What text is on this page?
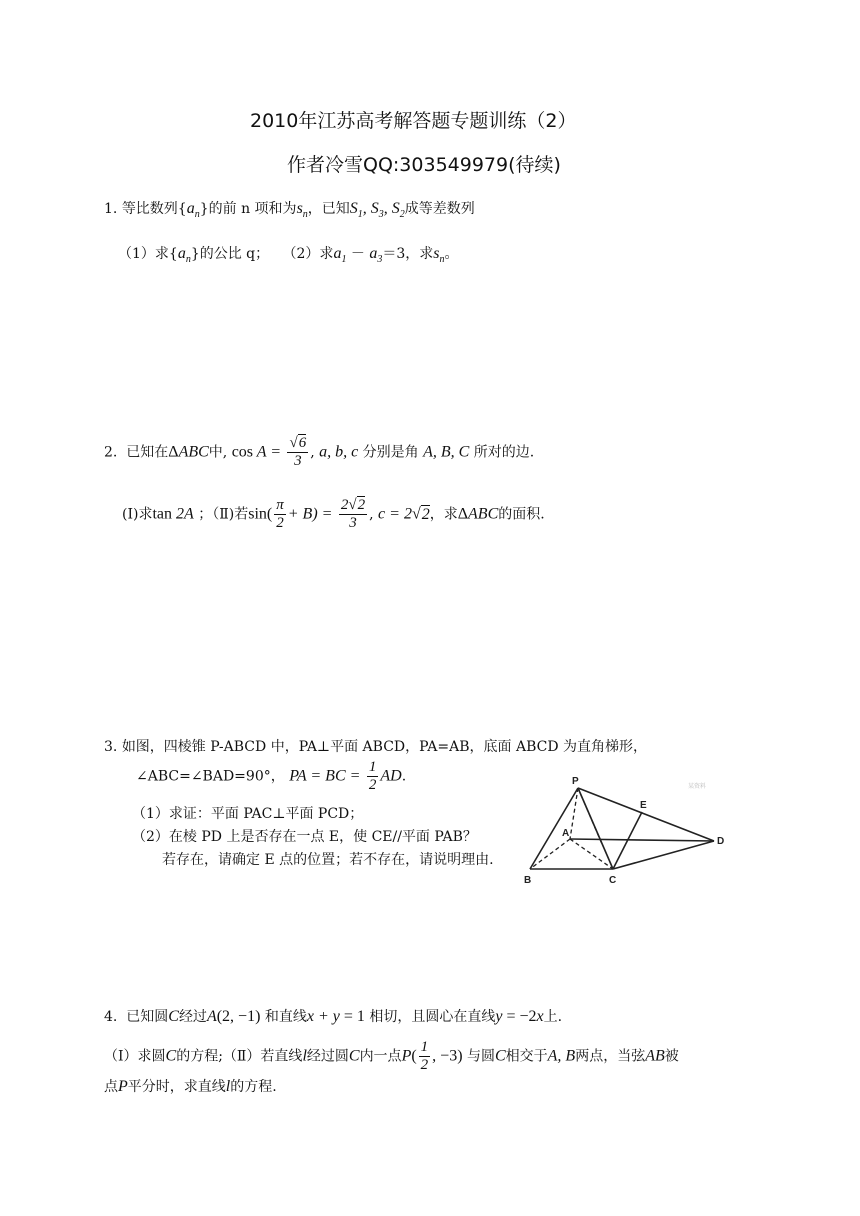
2010年江苏高考解答题专题训练（2）
作者冷雪QQ:303549979(待续)
1. 等比数列$\{a_n\}$的前 n 项和为$s_n$，已知$S_1$, $S_3$, $S_2$成等差数列
（1）求$\{a_n\}$的公比 q； （2）求$a_1 - a_3=3$，求$s_n$。
2. 已知在ΔABC中, $\cos A = \frac{√6}{3}$ , a, b, c 分别是角 A, B, C 所对的边.
(Ⅰ)求tan 2A ；（Ⅱ)若$\sin( \frac{\pi}{2} + B) = \frac{2√2}{3}$ , c = 2√2，求ΔABC的面积.
3. 如图，四棱锥 P-ABCD 中，PA⊥平面 ABCD，PA=AB，底面 ABCD 为直角梯形，
∠ABC=∠BAD=90°， PA = BC = $\frac{1}{2}$ AD.
（1）求证：平面 PAC⊥平面 PCD；
（2）在棱 PD 上是否存在一点 E，使 CE//平面 PAB？
若存在，请确定 E 点的位置；若不存在，请说明理由.
P
E
A
D
B	C
某资料
4. 已知圆C经过A(2, −1) 和直线x + y = 1 相切，且圆心在直线y = −2x上.
（Ⅰ）求圆C的方程;（Ⅱ）若直线l经过圆C内一点$P( \frac{1}{2}$ , −3) 与圆C相交于A, B两点，当弦AB被
点P平分时，求直线l的方程.
